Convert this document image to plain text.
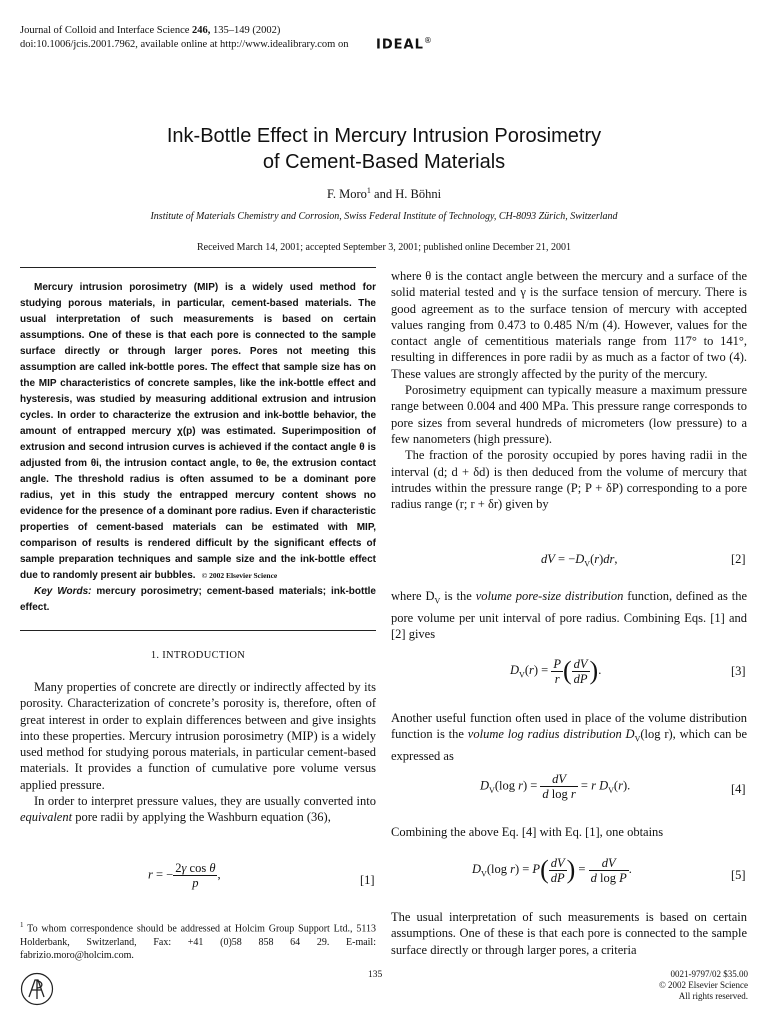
Journal of Colloid and Interface Science 246, 135–149 (2002)
doi:10.1006/jcis.2001.7962, available online at http://www.idealibrary.com on IDEAL®
Ink-Bottle Effect in Mercury Intrusion Porosimetry
of Cement-Based Materials
F. Moro$^1$ and H. Böhni
Institute of Materials Chemistry and Corrosion, Swiss Federal Institute of Technology, CH-8093 Zürich, Switzerland
Received March 14, 2001; accepted September 3, 2001; published online December 21, 2001

Mercury intrusion porosimetry (MIP) is a widely used method for studying porous materials, in particular, cement-based materials. The usual interpretation of such measurements is based on certain assumptions. One of these is that each pore is connected to the sample surface directly or through larger pores. Pores not meeting this assumption are called ink-bottle pores. The effect that sample size has on the MIP characteristics of concrete samples, like the ink-bottle effect and hysteresis, was studied by measuring additional extrusion and intrusion cycles. In order to characterize the extrusion and ink-bottle behavior, the amount of entrapped mercury χ(p) was estimated. Superimposition of extrusion and second intrusion curves is achieved if the contact angle θ is adjusted from θi, the intrusion contact angle, to θe, the extrusion contact angle. The threshold radius is often assumed to be a dominant pore radius, yet in this study the entrapped mercury content shows no evidence for the presence of a dominant pore radius. Even if characteristic properties of cement-based materials can be estimated with MIP, comparison of results is rendered difficult by the significant effects of sample preparation techniques and sample size and the ink-bottle effect due to randomly present air bubbles. © 2002 Elsevier Science

Key Words: mercury porosimetry; cement-based materials; ink-bottle effect.

1. INTRODUCTION

Many properties of concrete are directly or indirectly affected by its porosity. Characterization of concrete’s porosity is, therefore, often of great interest in order to explain differences between and give insights into these properties. Mercury intrusion porosimetry (MIP) is a widely used method for studying porous materials, in particular cement-based materials. It provides a function of cumulative pore volume versus applied pressure.

In order to interpret pressure values, they are usually converted into equivalent pore radii by applying the Washburn equation (36),

r = − $\frac{\text{2γ cos θ}}{p}$ ,	[1]
$^1$ To whom correspondence should be addressed at Holcim Group Support Ltd., 5113 Holderbank, Switzerland, Fax: +41 (0)58 858 64 29. E-mail: fabrizio.moro@holcim.com.

where θ is the contact angle between the mercury and a surface of the solid material tested and γ is the surface tension of mercury. There is good agreement as to the surface tension of mercury with accepted values ranging from 0.473 to 0.485 N/m (4). However, values for the contact angle of cementitious materials range from 117° to 141°, resulting in differences in pore radii by as much as a factor of two (4). These values are strongly affected by the purity of the mercury.

Porosimetry equipment can typically measure a maximum pressure range between 0.004 and 400 MPa. This pressure range corresponds to pore sizes from several hundreds of micrometers (low pressure) to a few nanometers (high pressure).

The fraction of the porosity occupied by pores having radii in the interval (d; d + δd) is then deduced from the volume of mercury that intrudes within the pressure range (P; P + δP) corresponding to a pore radius range (r; r + δr) given by

dV = $-D_V(r)dr$,	[2]

where $D_V$ is the volume pore-size distribution function, defined as the pore volume per unit interval of pore radius. Combining Eqs. [1] and [2] gives

$D_V(r) = \frac{P}{r}$ ( $\frac{dV}{dP}$ ).	[3]

Another useful function often used in place of the volume distribution function is the volume log radius distribution $D_V(\log$ r), which can be expressed as

$D_V(\log$ $r) = \frac{dV}{\text{d log r}} = r$ $D_V(r)$.	[4]

Combining the above Eq. [4] with Eq. [1], one obtains

$D_V(\log$ $r) = P( \frac{dV}{dP}$ ) = $\frac{dV}{\text{d log P}}$ .	[5]

The usual interpretation of such measurements is based on certain assumptions. One of these is that each pore is connected to the sample surface directly or through larger pores, a criteria

135	0021-9797/02 $35.00
© 2002 Elsevier Science
All rights reserved.
